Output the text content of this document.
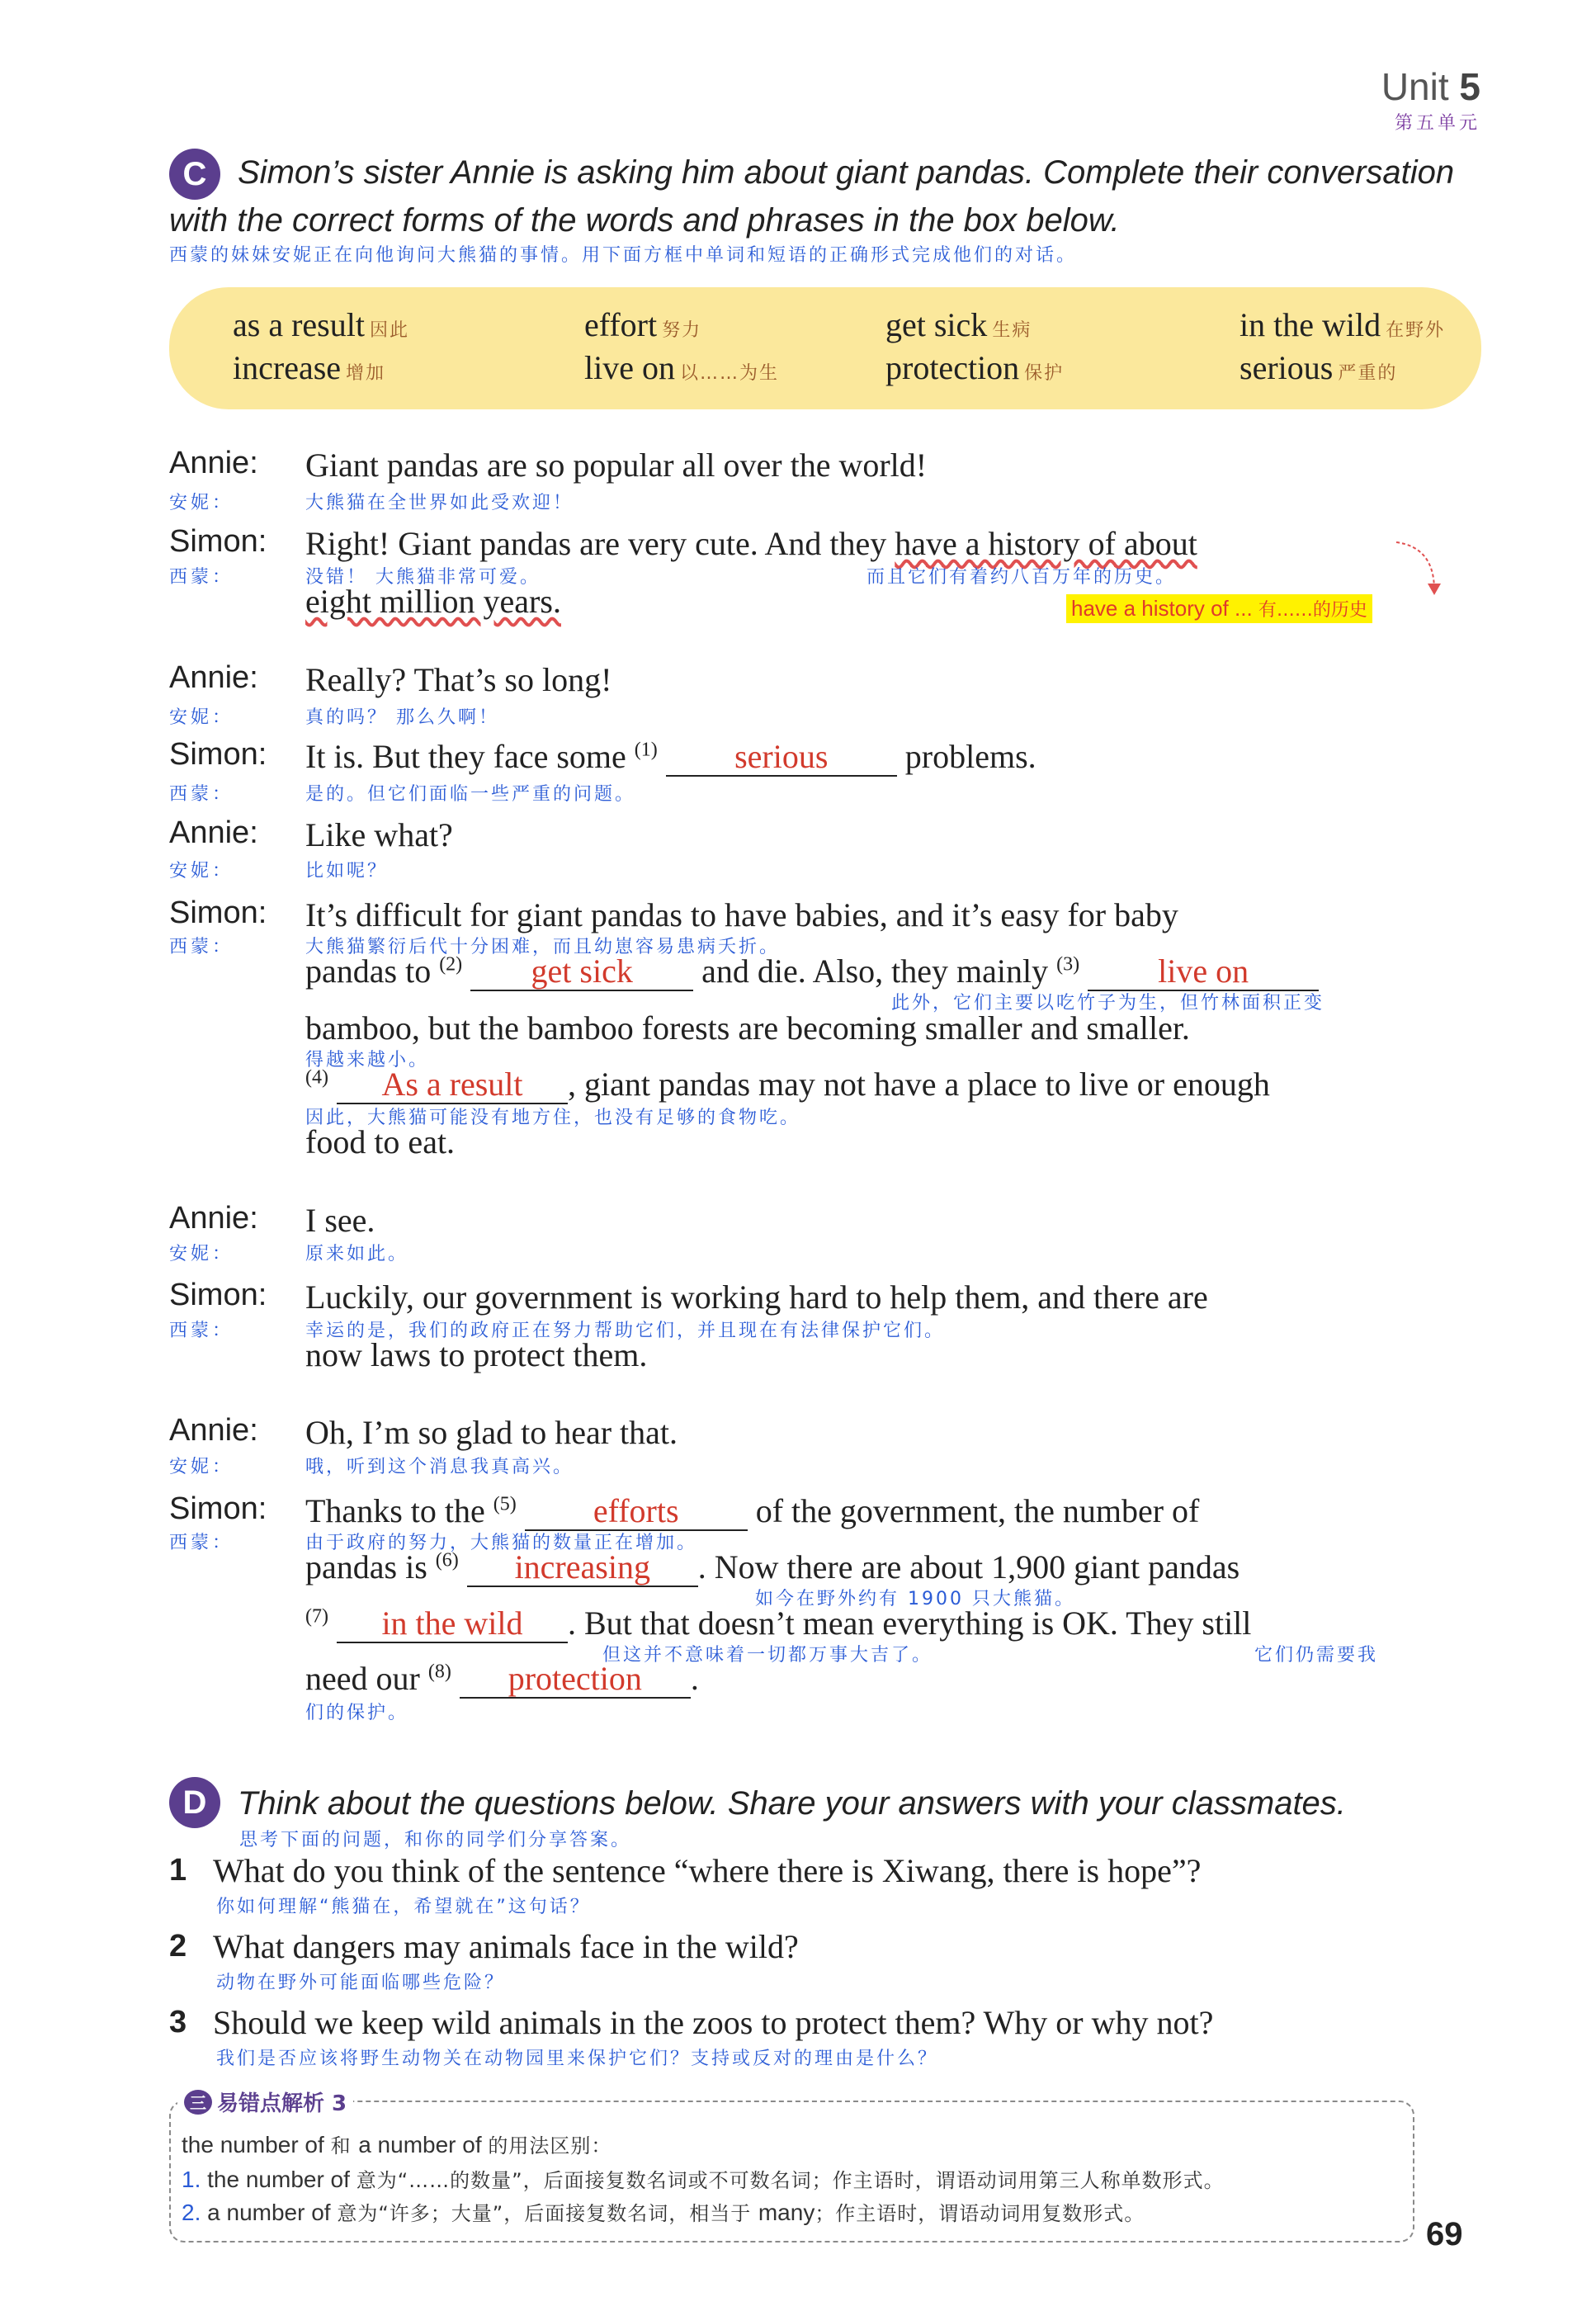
Unit 5
第五单元
C Simon’s sister Annie is asking him about giant pandas. Complete their conversation
with the correct forms of the words and phrases in the box below.
西蒙的妹妹安妮正在向他询问大熊猫的事情。用下面方框中单词和短语的正确形式完成他们的对话。
as a result 因此	effort 努力	get sick 生病	in the wild 在野外
increase 增加	live on 以……为生	protection 保护	serious 严重的
Annie:
安妮：
Giant pandas are so popular all over the world!
大熊猫在全世界如此受欢迎！
Simon:
西蒙：
Right! Giant pandas are very cute. And they have a history of about
没错！ 大熊猫非常可爱。	而且它们有着约八百万年的历史。
eight million years.	have a history of ... 有……的历史
Annie:
安妮：
Really? That’s so long!
真的吗？ 那么久啊！
Simon:
西蒙：
It is. But they face some $^{(1)}$ serious problems.
是的。但它们面临一些严重的问题。
Annie:
安妮：
Like what?
比如呢？
Simon:
西蒙：
It’s difficult for giant pandas to have babies, and it’s easy for baby
大熊猫繁衍后代十分困难，而且幼崽容易患病夭折。
pandas to $^{(2)}$ get sick and die. Also, they mainly $^{(3)}$ live on
此外，它们主要以吃竹子为生，但竹林面积正变
bamboo, but the bamboo forests are becoming smaller and smaller.
得越来越小。
$^{(4)}$ As a result , giant pandas may not have a place to live or enough
因此，大熊猫可能没有地方住，也没有足够的食物吃。
food to eat.
Annie:
安妮：
I see.
原来如此。
Simon:
西蒙：
Luckily, our government is working hard to help them, and there are
幸运的是，我们的政府正在努力帮助它们，并且现在有法律保护它们。
now laws to protect them.
Annie:
安妮：
Oh, I’m so glad to hear that.
哦，听到这个消息我真高兴。
Simon:
西蒙：
Thanks to the $^{(5)}$ efforts of the government, the number of
由于政府的努力，大熊猫的数量正在增加。
pandas is $^{(6)}$ increasing . Now there are about 1,900 giant pandas
如今在野外约有 1900 只大熊猫。
$^{(7)}$ in the wild . But that doesn’t mean everything is OK. They still
但这并不意味着一切都万事大吉了。	它们仍需要我
need our $^{(8)}$ protection .
们的保护。
D Think about the questions below. Share your answers with your classmates.
思考下面的问题，和你的同学们分享答案。
1 What do you think of the sentence “where there is Xiwang, there is hope”?
你如何理解“熊猫在，希望就在”这句话？
2 What dangers may animals face in the wild?
动物在野外可能面临哪些危险？
3 Should we keep wild animals in the zoos to protect them? Why or why not?
我们是否应该将野生动物关在动物园里来保护它们？支持或反对的理由是什么？
三 易错点解析 3
the number of 和 a number of 的用法区别：
1. the number of 意为“……的数量”，后面接复数名词或不可数名词；作主语时，谓语动词用第三人称单数形式。
2. a number of 意为“许多；大量”，后面接复数名词，相当于 many；作主语时，谓语动词用复数形式。
69
